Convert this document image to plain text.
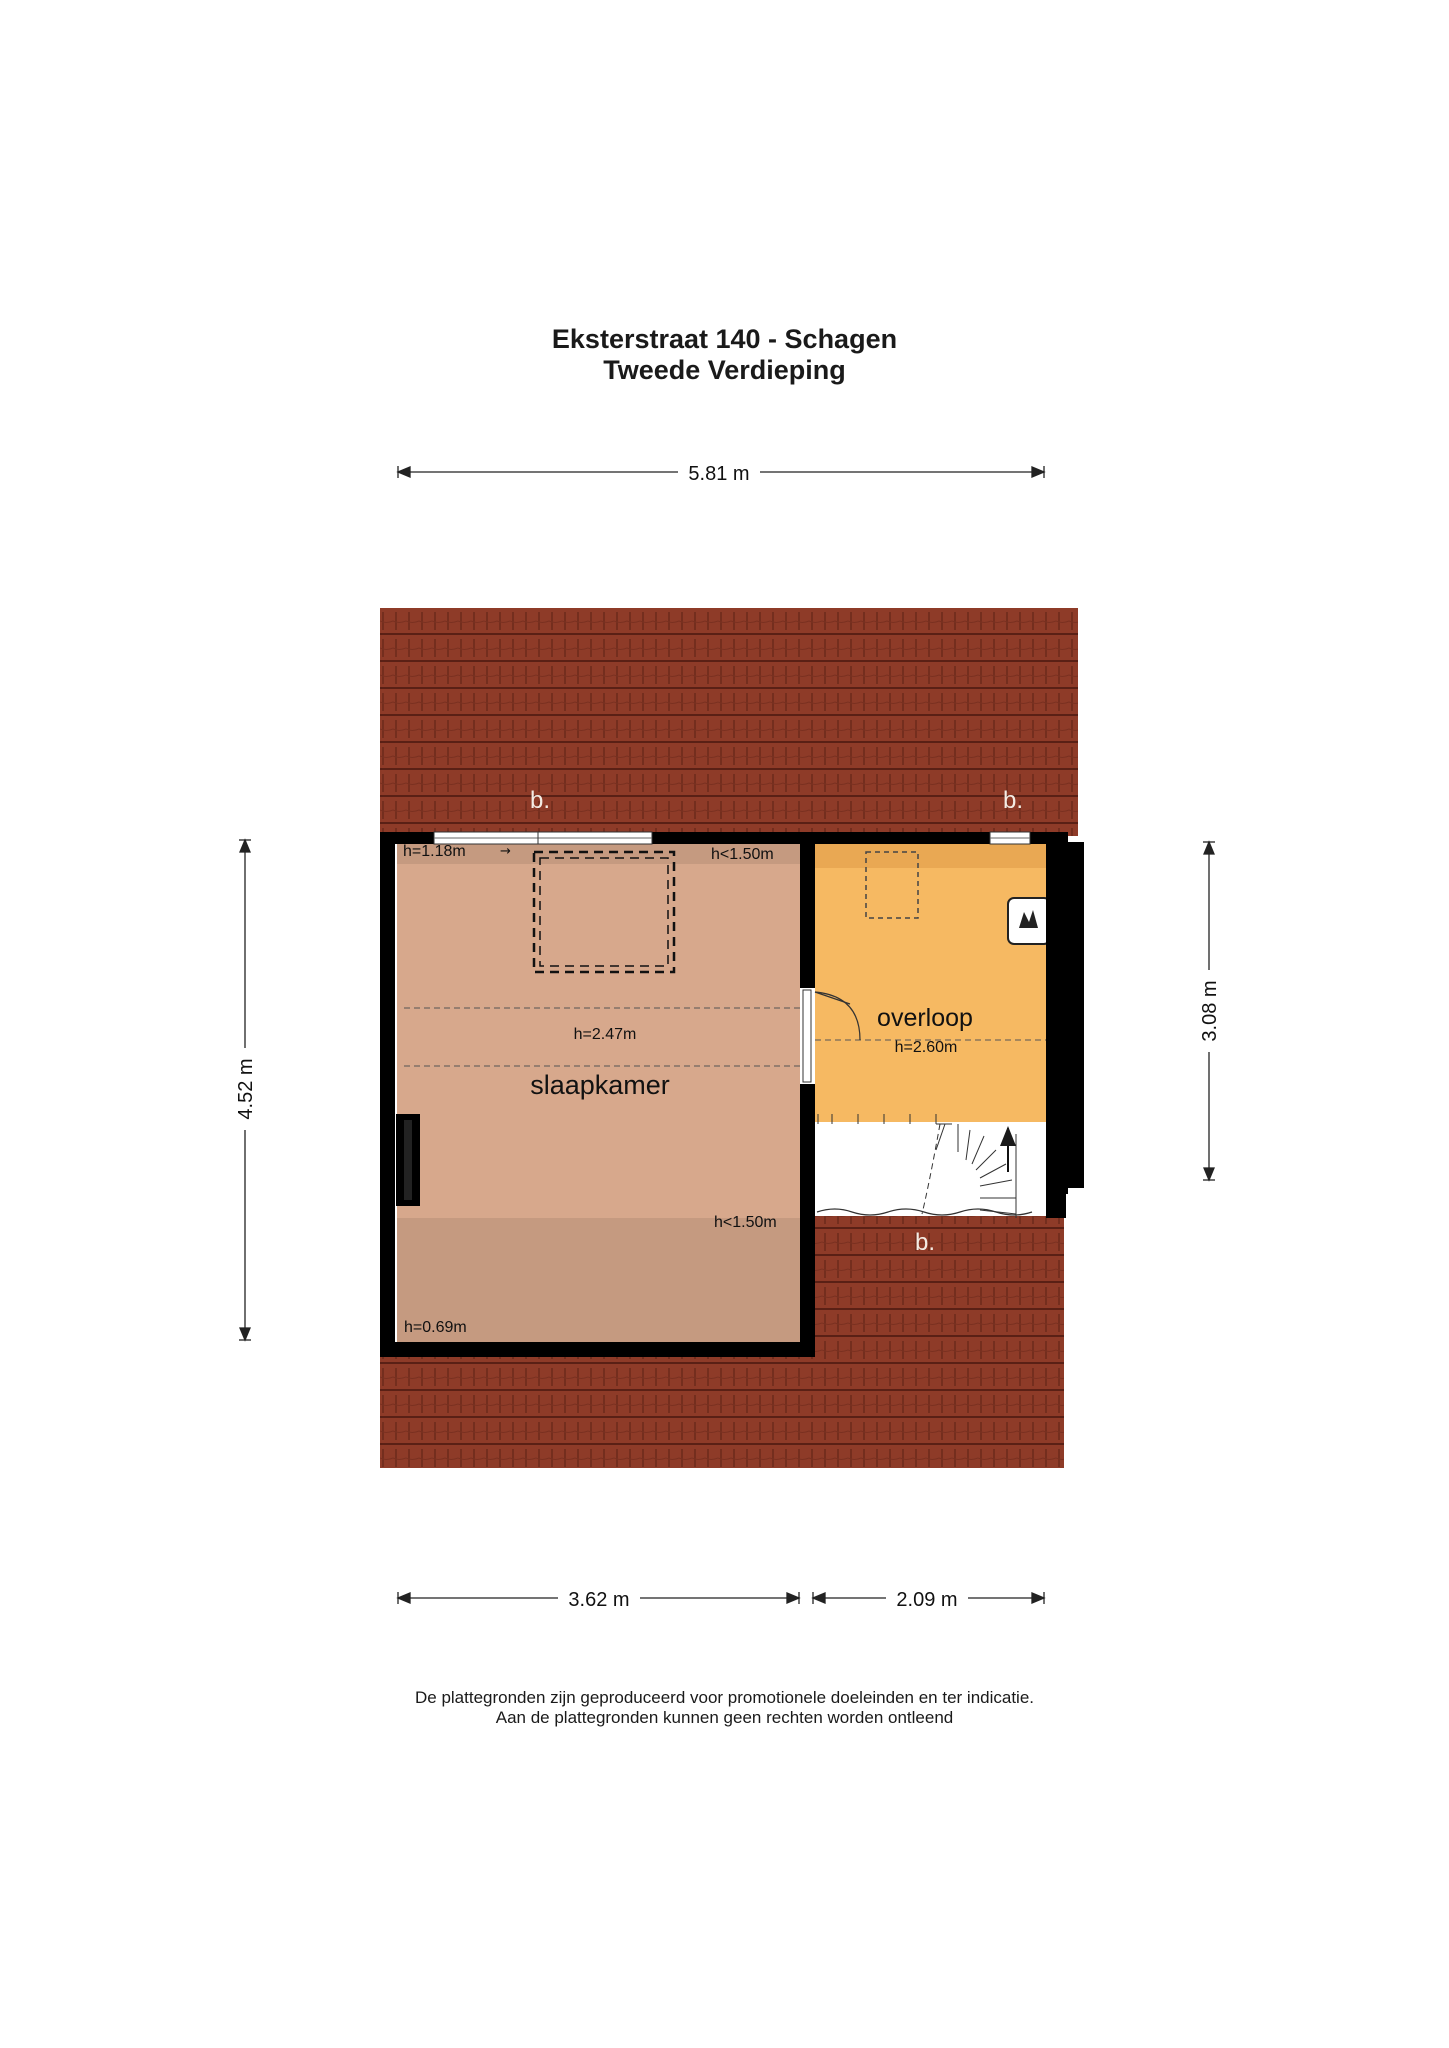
Eksterstraat 140 - Schagen
Tweede Verdieping
slaapkamer
h=2.47m
h=1.18m	→	h<1.50m
h<1.50m
h=0.69m
overloop
h=2.60m
b.	b.
b.
5.81 m
4.52 m
3.08 m
3.62 m	2.09 m
De plattegronden zijn geproduceerd voor promotionele doeleinden en ter indicatie.
Aan de plattegronden kunnen geen rechten worden ontleend
